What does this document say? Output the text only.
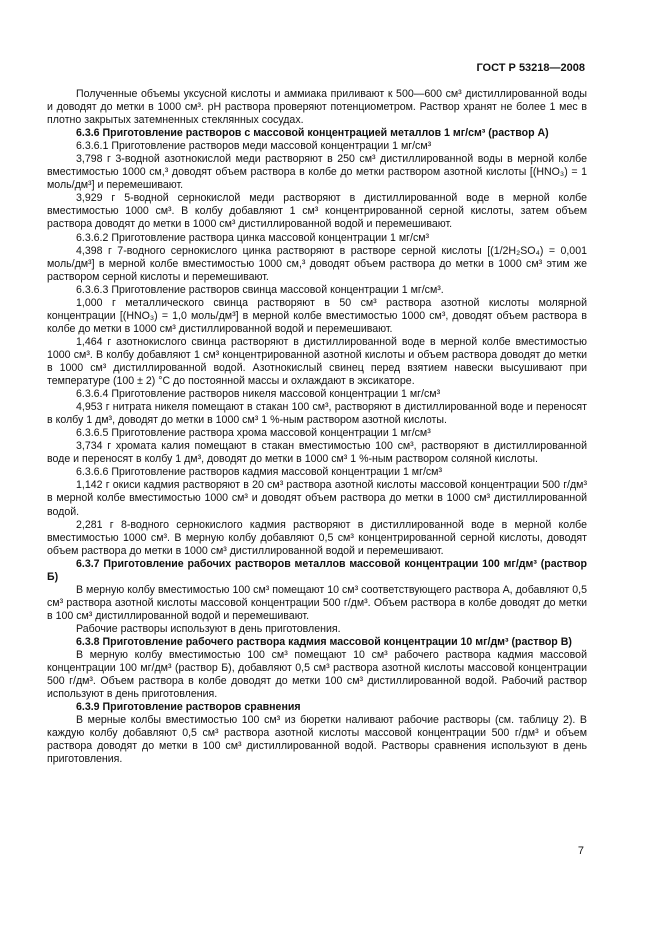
ГОСТ Р 53218—2008

Полученные объемы уксусной кислоты и аммиака приливают к 500—600 см³ дистиллированной воды и доводят до метки в 1000 см³. pH раствора проверяют потенциометром. Раствор хранят не более 1 мес в плотно закрытых затемненных стеклянных сосудах.

6.3.6 Приготовление растворов с массовой концентрацией металлов 1 мг/см³ (раствор А)

6.3.6.1 Приготовление растворов меди массовой концентрации 1 мг/см³

3,798 г 3-водной азотнокислой меди растворяют в 250 см³ дистиллированной воды в мерной колбе вместимостью 1000 см,³ доводят объем раствора в колбе до метки раствором азотной кислоты [(HNO₃) = 1 моль/дм³] и перемешивают.

3,929 г 5-водной сернокислой меди растворяют в дистиллированной воде в мерной колбе вместимостью 1000 см³. В колбу добавляют 1 см³ концентрированной серной кислоты, затем объем раствора доводят до метки в 1000 см³ дистиллированной водой и перемешивают.

6.3.6.2 Приготовление раствора цинка массовой концентрации 1 мг/см³

4,398 г 7-водного сернокислого цинка растворяют в растворе серной кислоты [(1/2H₂SO₄) = 0,001 моль/дм³] в мерной колбе вместимостью 1000 см,³ доводят объем раствора до метки в 1000 см³ этим же раствором серной кислоты и перемешивают.

6.3.6.3 Приготовление растворов свинца массовой концентрации 1 мг/см³.

1,000 г металлического свинца растворяют в 50 см³ раствора азотной кислоты молярной концентрации [(HNO₃) = 1,0 моль/дм³] в мерной колбе вместимостью 1000 см³, доводят объем раствора в колбе до метки в 1000 см³ дистиллированной водой и перемешивают.

1,464 г азотнокислого свинца растворяют в дистиллированной воде в мерной колбе вместимостью 1000 см³. В колбу добавляют 1 см³ концентрированной азотной кислоты и объем раствора доводят до метки в 1000 см³ дистиллированной водой. Азотнокислый свинец перед взятием навески высушивают при температуре (100 ± 2) °С до постоянной массы и охлаждают в эксикаторе.

6.3.6.4 Приготовление растворов никеля массовой концентрации 1 мг/см³

4,953 г нитрата никеля помещают в стакан 100 см³, растворяют в дистиллированной воде и переносят в колбу 1 дм³, доводят до метки в 1000 см³ 1 %-ным раствором азотной кислоты.

6.3.6.5 Приготовление раствора хрома массовой концентрации 1 мг/см³

3,734 г хромата калия помещают в стакан вместимостью 100 см³, растворяют в дистиллированной воде и переносят в колбу 1 дм³, доводят до метки в 1000 см³ 1 %-ным раствором соляной кислоты.

6.3.6.6 Приготовление растворов кадмия массовой концентрации 1 мг/см³

1,142 г окиси кадмия растворяют в 20 см³ раствора азотной кислоты массовой концентрации 500 г/дм³ в мерной колбе вместимостью 1000 см³ и доводят объем раствора до метки в 1000 см³ дистиллированной водой.

2,281 г 8-водного сернокислого кадмия растворяют в дистиллированной воде в мерной колбе вместимостью 1000 см³. В мерную колбу добавляют 0,5 см³ концентрированной серной кислоты, доводят объем раствора до метки в 1000 см³ дистиллированной водой и перемешивают.

6.3.7 Приготовление рабочих растворов металлов массовой концентрации 100 мг/дм³ (раствор Б)

В мерную колбу вместимостью 100 см³ помещают 10 см³ соответствующего раствора А, добавляют 0,5 см³ раствора азотной кислоты массовой концентрации 500 г/дм³. Объем раствора в колбе доводят до метки в 100 см³ дистиллированной водой и перемешивают.

Рабочие растворы используют в день приготовления.

6.3.8 Приготовление рабочего раствора кадмия массовой концентрации 10 мг/дм³ (раствор В)

В мерную колбу вместимостью 100 см³ помещают 10 см³ рабочего раствора кадмия массовой концентрации 100 мг/дм³ (раствор Б), добавляют 0,5 см³ раствора азотной кислоты массовой концентрации 500 г/дм³. Объем раствора в колбе доводят до метки 100 см³ дистиллированной водой. Рабочий раствор используют в день приготовления.

6.3.9 Приготовление растворов сравнения

В мерные колбы вместимостью 100 см³ из бюретки наливают рабочие растворы (см. таблицу 2). В каждую колбу добавляют 0,5 см³ раствора азотной кислоты массовой концентрации 500 г/дм³ и объем раствора доводят до метки в 100 см³ дистиллированной водой. Растворы сравнения используют в день приготовления.

7
